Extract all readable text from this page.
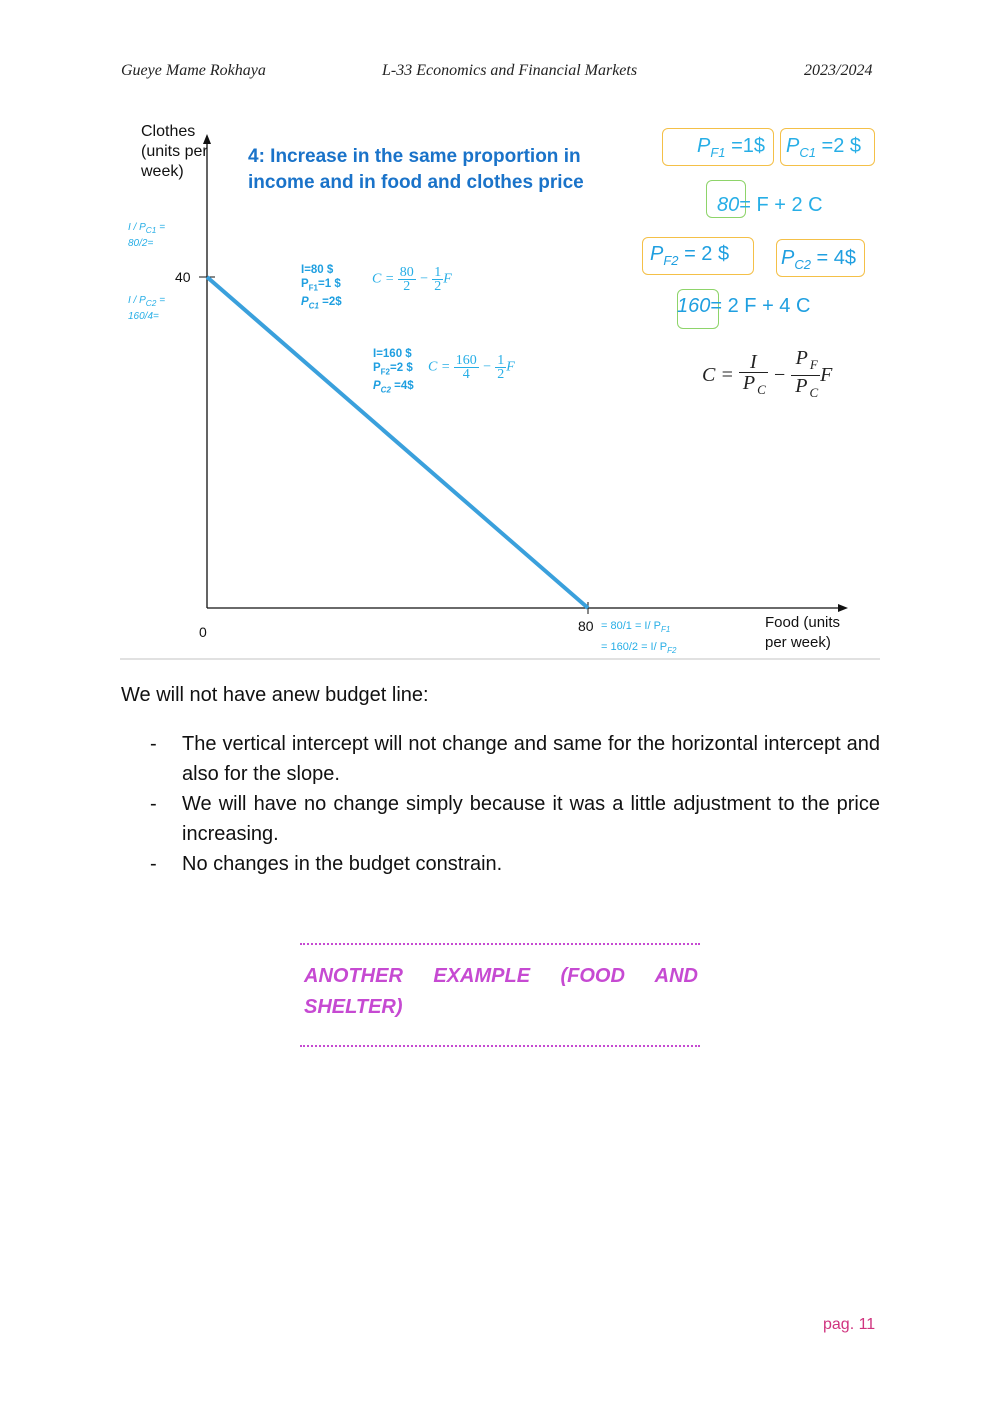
Gueye Mame Rokhaya	L-33 Economics and Financial Markets	2023/2024
Clothes (units per week)
4: Increase in the same proportion in income and in food and clothes price
I / $P_{C1}$ =
80/2=
40
I / $P_{C2}$ =
160/4=
I=80 $
$P_{F1}=1$ $
$P_{C1}$ =2$
$C = \frac{80}{2} - \frac{1}{2}$ F
I=160 $
$P_{F2}=2$ $
$P_{C2}$ =4$
$C = \frac{160}{4} - \frac{1}{2}$ F
$P_{F1}$ =1$ $P_{C1} =2$ $
80= F + 2 C
$P_{F2} = 2$ $	$P_{C2}$ = 4$
160= 2 F + 4 C
$C = \frac{I}{P _C} - \frac{P _F}{P _C}$ F
0	80 = 80/1 = I/ $P_{F1}$
= 160/2 = I/ $P_{F2}$
Food (units per week)
We will not have anew budget line:
- The vertical intercept will not change and same for the horizontal intercept and also for the slope.
- We will have no change simply because it was a little adjustment to the price increasing.
- No changes in the budget constrain.
ANOTHER EXAMPLE (FOOD AND SHELTER)
pag. 11
